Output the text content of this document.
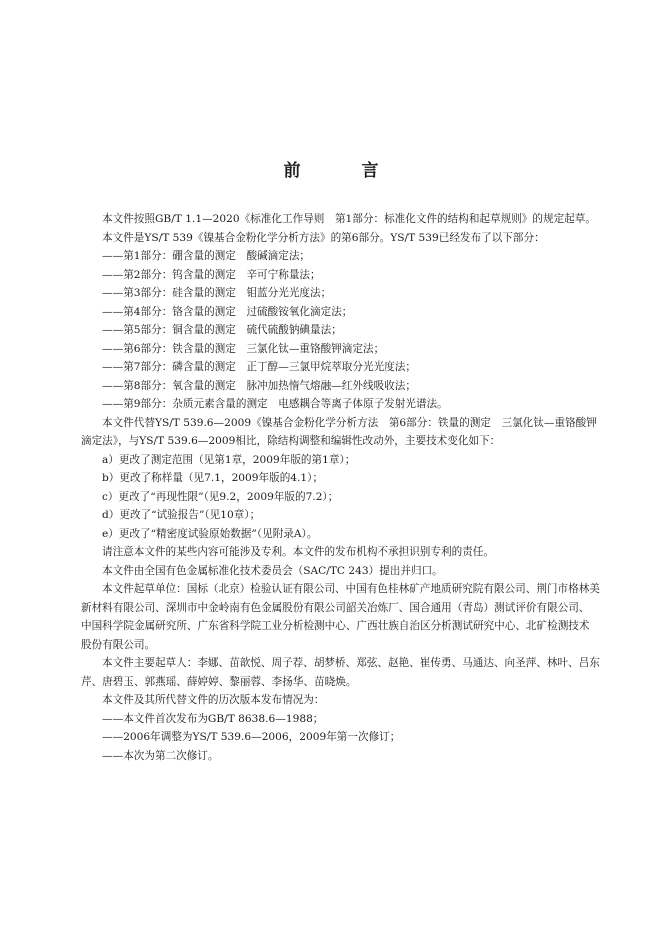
前　言

本文件按照GB/T 1.1—2020《标准化工作导则　第1部分：标准化文件的结构和起草规则》的规定起草。

本文件是YS/T 539《镍基合金粉化学分析方法》的第6部分。YS/T 539已经发布了以下部分：

——第1部分：硼含量的测定　酸碱滴定法；

——第2部分：钨含量的测定　辛可宁称量法；

——第3部分：硅含量的测定　钼蓝分光光度法；

——第4部分：铬含量的测定　过硫酸铵氧化滴定法；

——第5部分：铜含量的测定　硫代硫酸钠碘量法；

——第6部分：铁含量的测定　三氯化钛—重铬酸钾滴定法；

——第7部分：磷含量的测定　正丁醇—三氯甲烷萃取分光光度法；

——第8部分：氧含量的测定　脉冲加热惰气熔融—红外线吸收法；

——第9部分：杂质元素含量的测定　电感耦合等离子体原子发射光谱法。

本文件代替YS/T 539.6—2009《镍基合金粉化学分析方法　第6部分：铁量的测定　三氯化钛—重铬酸钾滴定法》，与YS/T 539.6—2009相比，除结构调整和编辑性改动外，主要技术变化如下：

a）更改了测定范围（见第1章，2009年版的第1章）；

b）更改了称样量（见7.1，2009年版的4.1）；

c）更改了“再现性限”（见9.2，2009年版的7.2）；

d）更改了“试验报告”（见10章）；

e）更改了“精密度试验原始数据”（见附录A）。

请注意本文件的某些内容可能涉及专利。本文件的发布机构不承担识别专利的责任。

本文件由全国有色金属标准化技术委员会（SAC/TC 243）提出并归口。

本文件起草单位：国标（北京）检验认证有限公司、中国有色桂林矿产地质研究院有限公司、荆门市格林美新材料有限公司、深圳市中金岭南有色金属股份有限公司韶关冶炼厂、国合通用（青岛）测试评价有限公司、中国科学院金属研究所、广东省科学院工业分析检测中心、广西壮族自治区分析测试研究中心、北矿检测技术股份有限公司。

本文件主要起草人：李娜、苗歆悦、周子荐、胡梦桥、郑弦、赵艳、崔传勇、马通达、向圣萍、林叶、吕东芹、唐碧玉、郭燕瑶、薛婷婷、黎丽蓉、李扬华、苗晓焕。

本文件及其所代替文件的历次版本发布情况为：

——本文件首次发布为GB/T 8638.6—1988；

——2006年调整为YS/T 539.6—2006，2009年第一次修订；

——本次为第二次修订。
